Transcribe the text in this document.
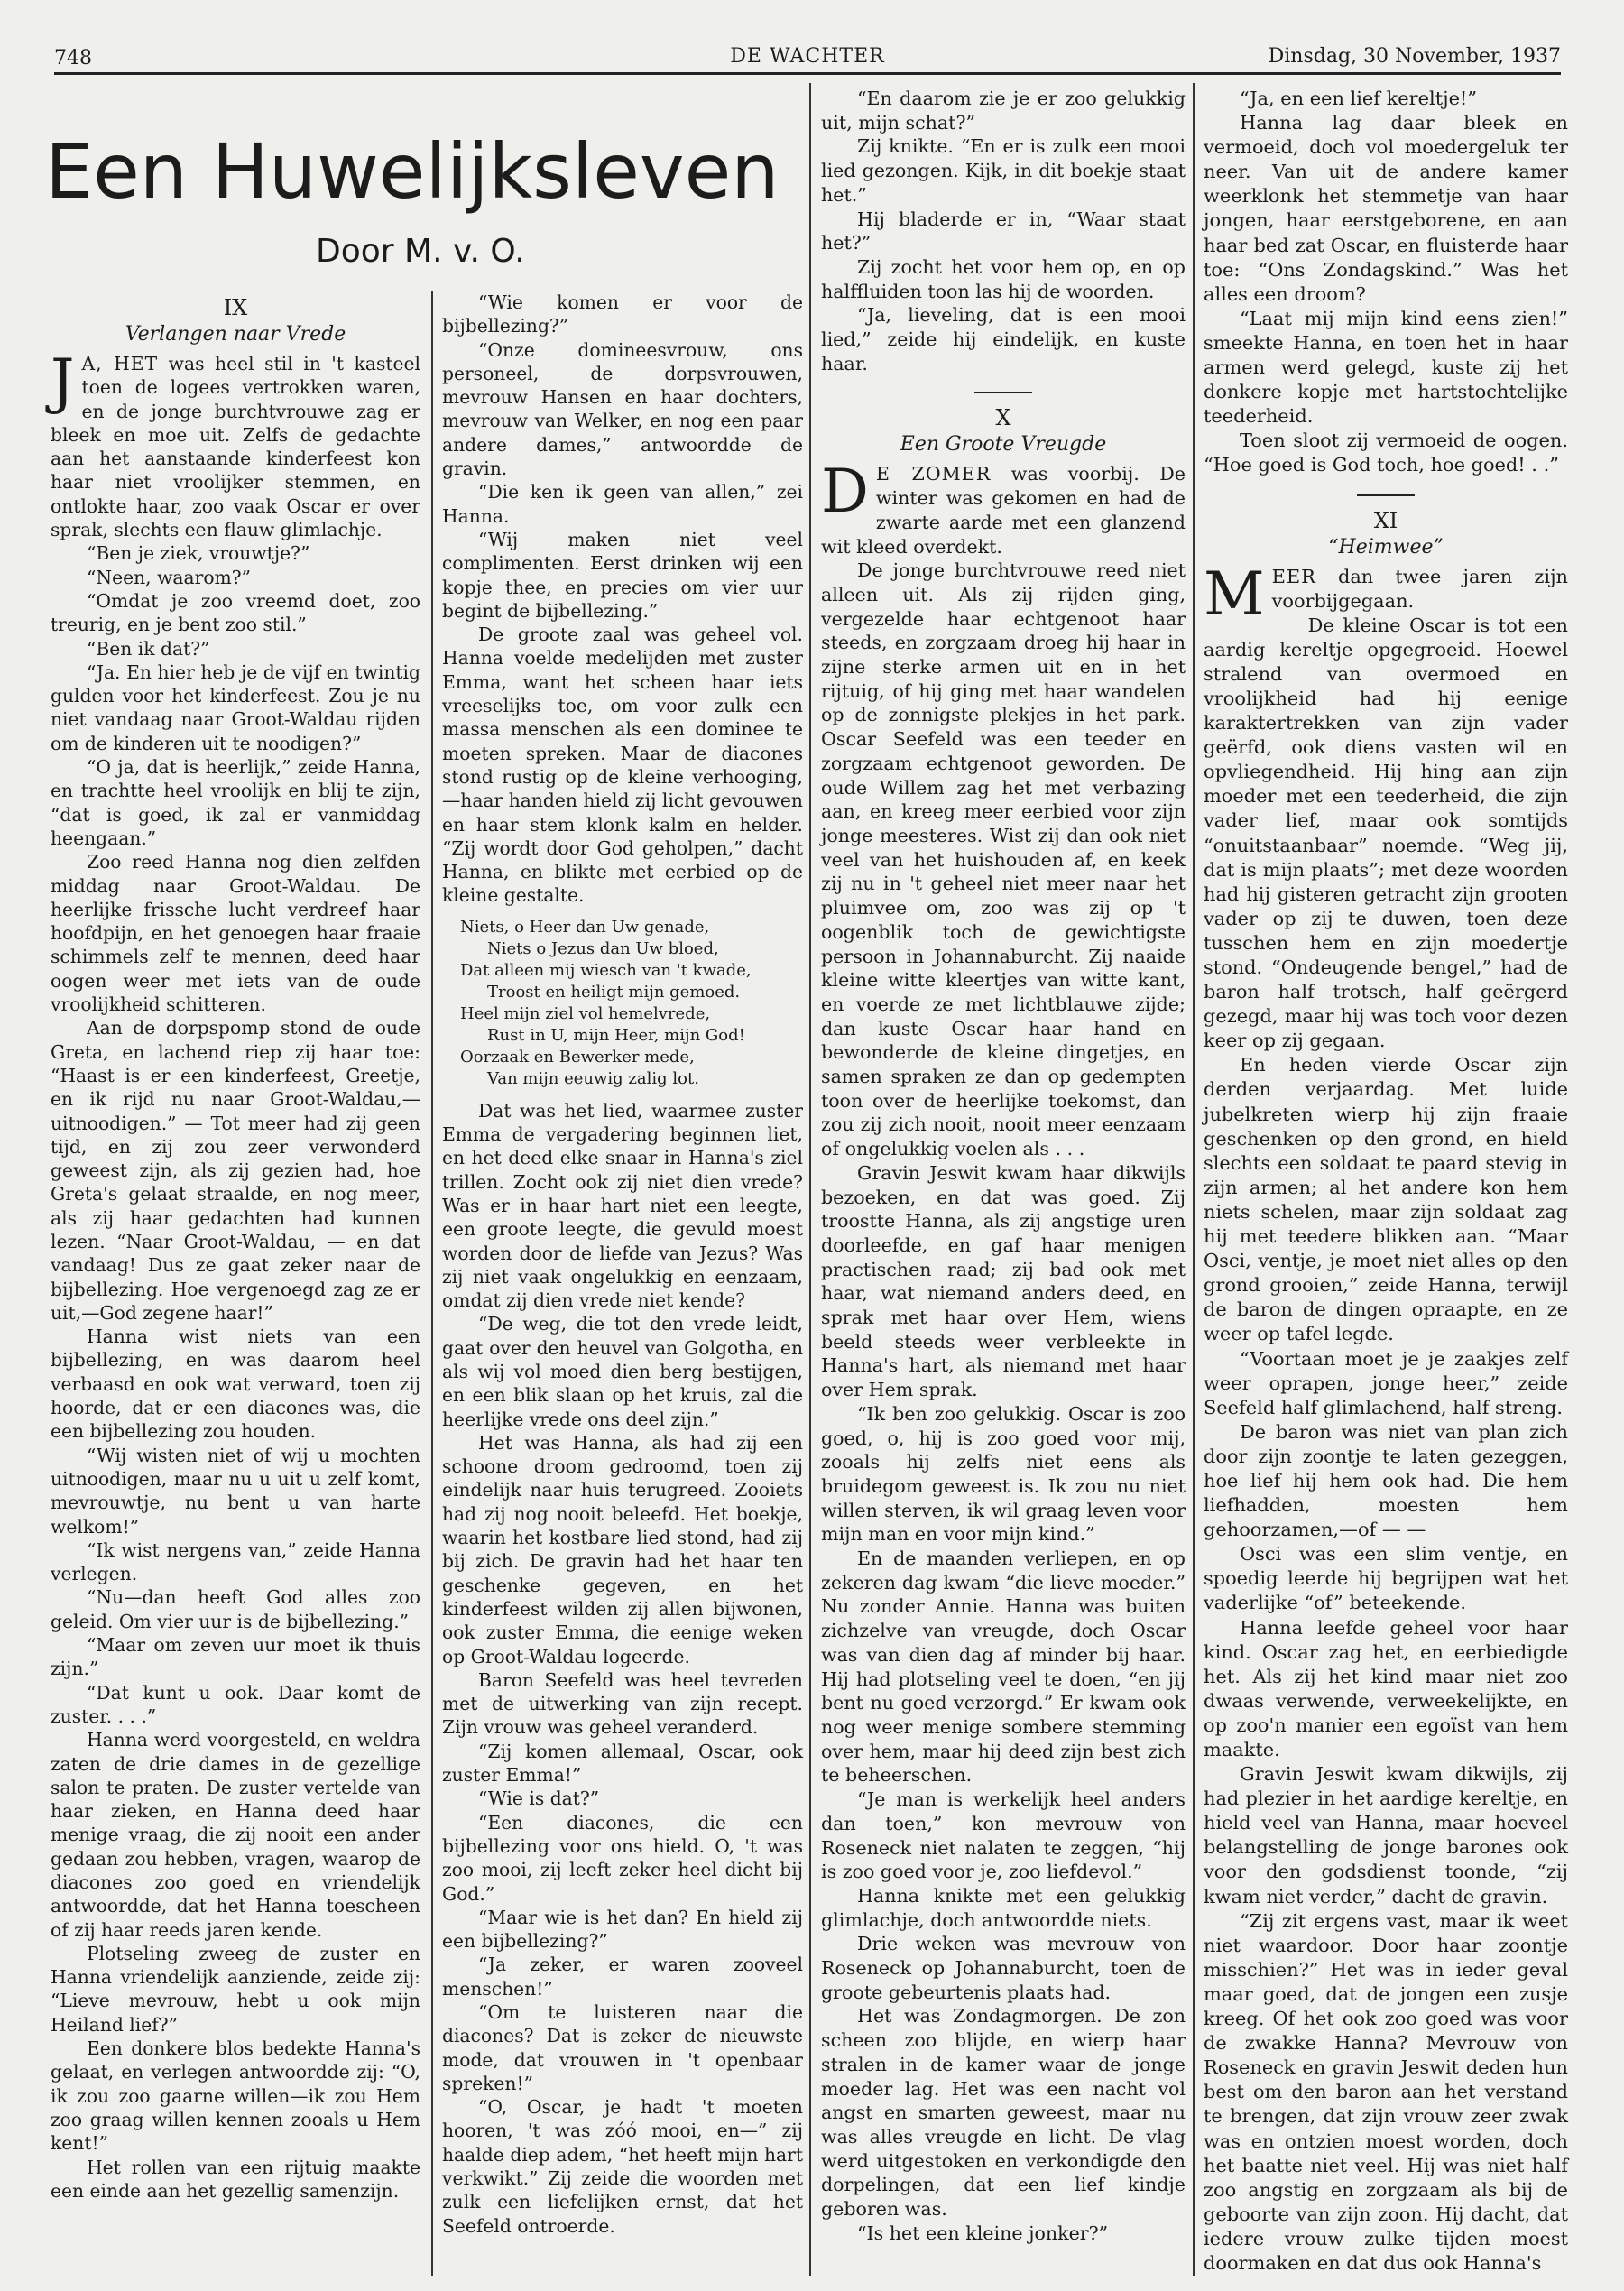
748	DE WACHTER	Dinsdag, 30 November, 1937
Een Huwelijksleven
Door M. v. O.
IX
Verlangen naar Vrede

J A, HET was heel stil in 't kasteel toen de logees vertrokken waren, en de jonge burchtvrouwe zag er bleek en moe uit. Zelfs de gedachte aan het aanstaande kinderfeest kon haar niet vroolijker stemmen, en ontlokte haar, zoo vaak Oscar er over sprak, slechts een flauw glimlachje.

“Ben je ziek, vrouwtje?”

“Neen, waarom?”

“Omdat je zoo vreemd doet, zoo treurig, en je bent zoo stil.”

“Ben ik dat?”

“Ja. En hier heb je de vijf en twintig gulden voor het kinderfeest. Zou je nu niet vandaag naar Groot-Waldau rijden om de kinderen uit te noodigen?”

“O ja, dat is heerlijk,” zeide Hanna, en trachtte heel vroolijk en blij te zijn, “dat is goed, ik zal er vanmiddag heengaan.”

Zoo reed Hanna nog dien zelfden middag naar Groot-Waldau. De heerlijke frissche lucht verdreef haar hoofdpijn, en het genoegen haar fraaie schimmels zelf te mennen, deed haar oogen weer met iets van de oude vroolijkheid schitteren.

Aan de dorpspomp stond de oude Greta, en lachend riep zij haar toe: “Haast is er een kinderfeest, Greetje, en ik rijd nu naar Groot-Waldau,—uitnoodigen.” — Tot meer had zij geen tijd, en zij zou zeer verwonderd geweest zijn, als zij gezien had, hoe Greta's gelaat straalde, en nog meer, als zij haar gedachten had kunnen lezen. “Naar Groot-Waldau, — en dat vandaag! Dus ze gaat zeker naar de bijbellezing. Hoe vergenoegd zag ze er uit,—God zegene haar!”

Hanna wist niets van een bijbellezing, en was daarom heel verbaasd en ook wat verward, toen zij hoorde, dat er een diacones was, die een bijbellezing zou houden.

“Wij wisten niet of wij u mochten uitnoodigen, maar nu u uit u zelf komt, mevrouwtje, nu bent u van harte welkom!”

“Ik wist nergens van,” zeide Hanna verlegen.

“Nu—dan heeft God alles zoo geleid. Om vier uur is de bijbellezing.”

“Maar om zeven uur moet ik thuis zijn.”

“Dat kunt u ook. Daar komt de zuster. . . .”

Hanna werd voorgesteld, en weldra zaten de drie dames in de gezellige salon te praten. De zuster vertelde van haar zieken, en Hanna deed haar menige vraag, die zij nooit een ander gedaan zou hebben, vragen, waarop de diacones zoo goed en vriendelijk antwoordde, dat het Hanna toescheen of zij haar reeds jaren kende.

Plotseling zweeg de zuster en Hanna vriendelijk aanziende, zeide zij: “Lieve mevrouw, hebt u ook mijn Heiland lief?”

Een donkere blos bedekte Hanna's gelaat, en verlegen antwoordde zij: “O, ik zou zoo gaarne willen—ik zou Hem zoo graag willen kennen zooals u Hem kent!”

Het rollen van een rijtuig maakte een einde aan het gezellig samenzijn.

“Wie komen er voor de bijbellezing?”

“Onze domineesvrouw, ons personeel, de dorpsvrouwen, mevrouw Hansen en haar dochters, mevrouw van Welker, en nog een paar andere dames,” antwoordde de gravin.

“Die ken ik geen van allen,” zei Hanna.

“Wij maken niet veel complimenten. Eerst drinken wij een kopje thee, en precies om vier uur begint de bijbellezing.”

De groote zaal was geheel vol. Hanna voelde medelijden met zuster Emma, want het scheen haar iets vreeselijks toe, om voor zulk een massa menschen als een dominee te moeten spreken. Maar de diacones stond rustig op de kleine verhooging,—haar handen hield zij licht gevouwen en haar stem klonk kalm en helder. “Zij wordt door God geholpen,” dacht Hanna, en blikte met eerbied op de kleine gestalte.

Niets, o Heer dan Uw genade,
Niets o Jezus dan Uw bloed,
Dat alleen mij wiesch van 't kwade,
Troost en heiligt mijn gemoed.
Heel mijn ziel vol hemelvrede,
Rust in U, mijn Heer, mijn God!
Oorzaak en Bewerker mede,
Van mijn eeuwig zalig lot.

Dat was het lied, waarmee zuster Emma de vergadering beginnen liet, en het deed elke snaar in Hanna's ziel trillen. Zocht ook zij niet dien vrede? Was er in haar hart niet een leegte, een groote leegte, die gevuld moest worden door de liefde van Jezus? Was zij niet vaak ongelukkig en eenzaam, omdat zij dien vrede niet kende?

“De weg, die tot den vrede leidt, gaat over den heuvel van Golgotha, en als wij vol moed dien berg bestijgen, en een blik slaan op het kruis, zal die heerlijke vrede ons deel zijn.”

Het was Hanna, als had zij een schoone droom gedroomd, toen zij eindelijk naar huis terugreed. Zooiets had zij nog nooit beleefd. Het boekje, waarin het kostbare lied stond, had zij bij zich. De gravin had het haar ten geschenke gegeven, en het kinderfeest wilden zij allen bijwonen, ook zuster Emma, die eenige weken op Groot-Waldau logeerde.

Baron Seefeld was heel tevreden met de uitwerking van zijn recept. Zijn vrouw was geheel veranderd.

“Zij komen allemaal, Oscar, ook zuster Emma!”

“Wie is dat?”

“Een diacones, die een bijbellezing voor ons hield. O, 't was zoo mooi, zij leeft zeker heel dicht bij God.”

“Maar wie is het dan? En hield zij een bijbellezing?”

“Ja zeker, er waren zooveel menschen!”

“Om te luisteren naar die diacones? Dat is zeker de nieuwste mode, dat vrouwen in 't openbaar spreken!”

“O, Oscar, je hadt 't moeten hooren, 't was zóó mooi, en—” zij haalde diep adem, “het heeft mijn hart verkwikt.” Zij zeide die woorden met zulk een liefelijken ernst, dat het Seefeld ontroerde.

“En daarom zie je er zoo gelukkig uit, mijn schat?”

Zij knikte. “En er is zulk een mooi lied gezongen. Kijk, in dit boekje staat het.”

Hij bladerde er in, “Waar staat het?”

Zij zocht het voor hem op, en op halffluiden toon las hij de woorden.

“Ja, lieveling, dat is een mooi lied,” zeide hij eindelijk, en kuste haar.

X
Een Groote Vreugde

D E ZOMER was voorbij. De winter was gekomen en had de zwarte aarde met een glanzend wit kleed overdekt.

De jonge burchtvrouwe reed niet alleen uit. Als zij rijden ging, vergezelde haar echtgenoot haar steeds, en zorgzaam droeg hij haar in zijne sterke armen uit en in het rijtuig, of hij ging met haar wandelen op de zonnigste plekjes in het park. Oscar Seefeld was een teeder en zorgzaam echtgenoot geworden. De oude Willem zag het met verbazing aan, en kreeg meer eerbied voor zijn jonge meesteres. Wist zij dan ook niet veel van het huishouden af, en keek zij nu in 't geheel niet meer naar het pluimvee om, zoo was zij op 't oogenblik toch de gewichtigste persoon in Johannaburcht. Zij naaide kleine witte kleertjes van witte kant, en voerde ze met lichtblauwe zijde; dan kuste Oscar haar hand en bewonderde de kleine dingetjes, en samen spraken ze dan op gedempten toon over de heerlijke toekomst, dan zou zij zich nooit, nooit meer eenzaam of ongelukkig voelen als . . .

Gravin Jeswit kwam haar dikwijls bezoeken, en dat was goed. Zij troostte Hanna, als zij angstige uren doorleefde, en gaf haar menigen practischen raad; zij bad ook met haar, wat niemand anders deed, en sprak met haar over Hem, wiens beeld steeds weer verbleekte in Hanna's hart, als niemand met haar over Hem sprak.

“Ik ben zoo gelukkig. Oscar is zoo goed, o, hij is zoo goed voor mij, zooals hij zelfs niet eens als bruidegom geweest is. Ik zou nu niet willen sterven, ik wil graag leven voor mijn man en voor mijn kind.”

En de maanden verliepen, en op zekeren dag kwam “die lieve moeder.” Nu zonder Annie. Hanna was buiten zichzelve van vreugde, doch Oscar was van dien dag af minder bij haar. Hij had plotseling veel te doen, “en jij bent nu goed verzorgd.” Er kwam ook nog weer menige sombere stemming over hem, maar hij deed zijn best zich te beheerschen.

“Je man is werkelijk heel anders dan toen,” kon mevrouw von Roseneck niet nalaten te zeggen, “hij is zoo goed voor je, zoo liefdevol.”

Hanna knikte met een gelukkig glimlachje, doch antwoordde niets.

Drie weken was mevrouw von Roseneck op Johannaburcht, toen de groote gebeurtenis plaats had.

Het was Zondagmorgen. De zon scheen zoo blijde, en wierp haar stralen in de kamer waar de jonge moeder lag. Het was een nacht vol angst en smarten geweest, maar nu was alles vreugde en licht. De vlag werd uitgestoken en verkondigde den dorpelingen, dat een lief kindje geboren was.

“Is het een kleine jonker?”

“Ja, en een lief kereltje!”

Hanna lag daar bleek en vermoeid, doch vol moedergeluk ter neer. Van uit de andere kamer weerklonk het stemmetje van haar jongen, haar eerstgeborene, en aan haar bed zat Oscar, en fluisterde haar toe: “Ons Zondagskind.” Was het alles een droom?

“Laat mij mijn kind eens zien!” smeekte Hanna, en toen het in haar armen werd gelegd, kuste zij het donkere kopje met hartstochtelijke teederheid.

Toen sloot zij vermoeid de oogen. “Hoe goed is God toch, hoe goed! . .”

XI
“Heimwee”

MEER dan twee jaren zijn voorbijgegaan.

De kleine Oscar is tot een aardig kereltje opgegroeid. Hoewel stralend van overmoed en vroolijkheid had hij eenige karaktertrekken van zijn vader geërfd, ook diens vasten wil en opvliegendheid. Hij hing aan zijn moeder met een teederheid, die zijn vader lief, maar ook somtijds “onuitstaanbaar” noemde. “Weg jij, dat is mijn plaats”; met deze woorden had hij gisteren getracht zijn grooten vader op zij te duwen, toen deze tusschen hem en zijn moedertje stond. “Ondeugende bengel,” had de baron half trotsch, half geërgerd gezegd, maar hij was toch voor dezen keer op zij gegaan.

En heden vierde Oscar zijn derden verjaardag. Met luide jubelkreten wierp hij zijn fraaie geschenken op den grond, en hield slechts een soldaat te paard stevig in zijn armen; al het andere kon hem niets schelen, maar zijn soldaat zag hij met teedere blikken aan. “Maar Osci, ventje, je moet niet alles op den grond grooien,” zeide Hanna, terwijl de baron de dingen opraapte, en ze weer op tafel legde.

“Voortaan moet je je zaakjes zelf weer oprapen, jonge heer,” zeide Seefeld half glimlachend, half streng.

De baron was niet van plan zich door zijn zoontje te laten gezeggen, hoe lief hij hem ook had. Die hem liefhadden, moesten hem gehoorzamen,—of — —

Osci was een slim ventje, en spoedig leerde hij begrijpen wat het vaderlijke “of” beteekende.

Hanna leefde geheel voor haar kind. Oscar zag het, en eerbiedigde het. Als zij het kind maar niet zoo dwaas verwende, verweekelijkte, en op zoo'n manier een egoïst van hem maakte.

Gravin Jeswit kwam dikwijls, zij had plezier in het aardige kereltje, en hield veel van Hanna, maar hoeveel belangstelling de jonge barones ook voor den godsdienst toonde, “zij kwam niet verder,” dacht de gravin.

“Zij zit ergens vast, maar ik weet niet waardoor. Door haar zoontje misschien?” Het was in ieder geval maar goed, dat de jongen een zusje kreeg. Of het ook zoo goed was voor de zwakke Hanna? Mevrouw von Roseneck en gravin Jeswit deden hun best om den baron aan het verstand te brengen, dat zijn vrouw zeer zwak was en ontzien moest worden, doch het baatte niet veel. Hij was niet half zoo angstig en zorgzaam als bij de geboorte van zijn zoon. Hij dacht, dat iedere vrouw zulke tijden moest doormaken en dat dus ook Hanna's
